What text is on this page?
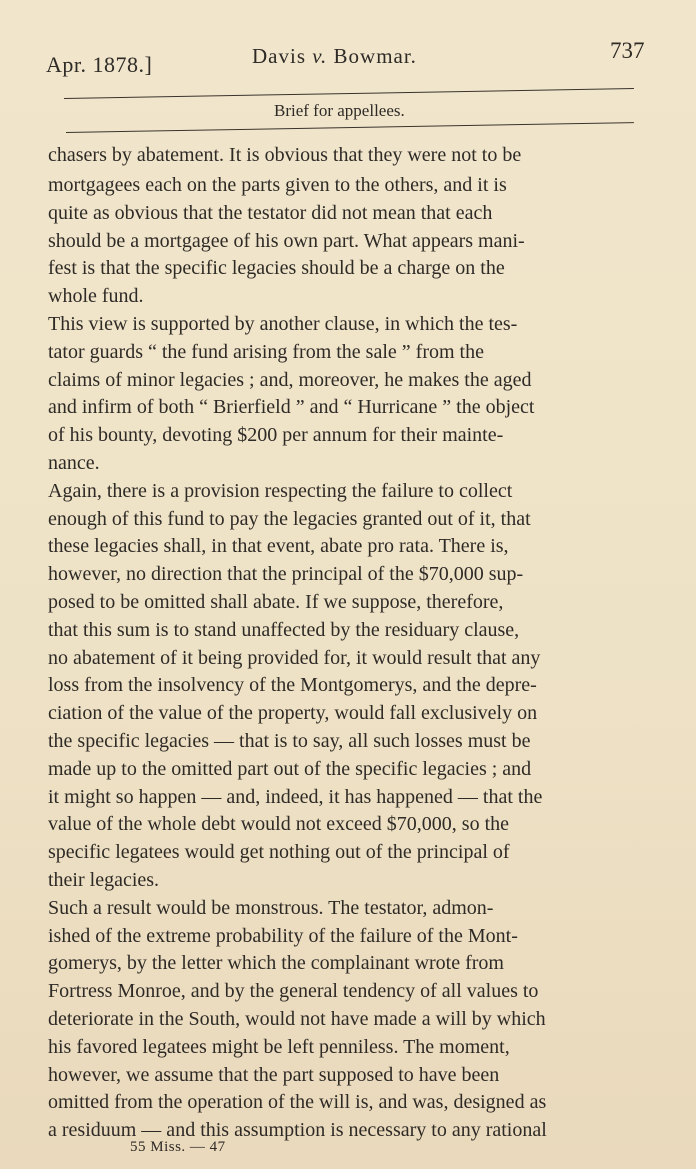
Apr. 1878.]	Davis v. Bowmar.	737
Brief for appellees.
chasers by abatement. It is obvious that they were not to be
mortgagees each on the parts given to the others, and it is
quite as obvious that the testator did not mean that each
should be a mortgagee of his own part. What appears mani-
fest is that the specific legacies should be a charge on the
whole fund.
This view is supported by another clause, in which the tes-
tator guards “ the fund arising from the sale ” from the
claims of minor legacies ; and, moreover, he makes the aged
and infirm of both “ Brierfield ” and “ Hurricane ” the object
of his bounty, devoting $200 per annum for their mainte-
nance.
Again, there is a provision respecting the failure to collect
enough of this fund to pay the legacies granted out of it, that
these legacies shall, in that event, abate pro rata. There is,
however, no direction that the principal of the $70,000 sup-
posed to be omitted shall abate. If we suppose, therefore,
that this sum is to stand unaffected by the residuary clause,
no abatement of it being provided for, it would result that any
loss from the insolvency of the Montgomerys, and the depre-
ciation of the value of the property, would fall exclusively on
the specific legacies — that is to say, all such losses must be
made up to the omitted part out of the specific legacies ; and
it might so happen — and, indeed, it has happened — that the
value of the whole debt would not exceed $70,000, so the
specific legatees would get nothing out of the principal of
their legacies.
Such a result would be monstrous. The testator, admon-
ished of the extreme probability of the failure of the Mont-
gomerys, by the letter which the complainant wrote from
Fortress Monroe, and by the general tendency of all values to
deteriorate in the South, would not have made a will by which
his favored legatees might be left penniless. The moment,
however, we assume that the part supposed to have been
omitted from the operation of the will is, and was, designed as
a residuum — and this assumption is necessary to any rational
55 Miss. — 47
